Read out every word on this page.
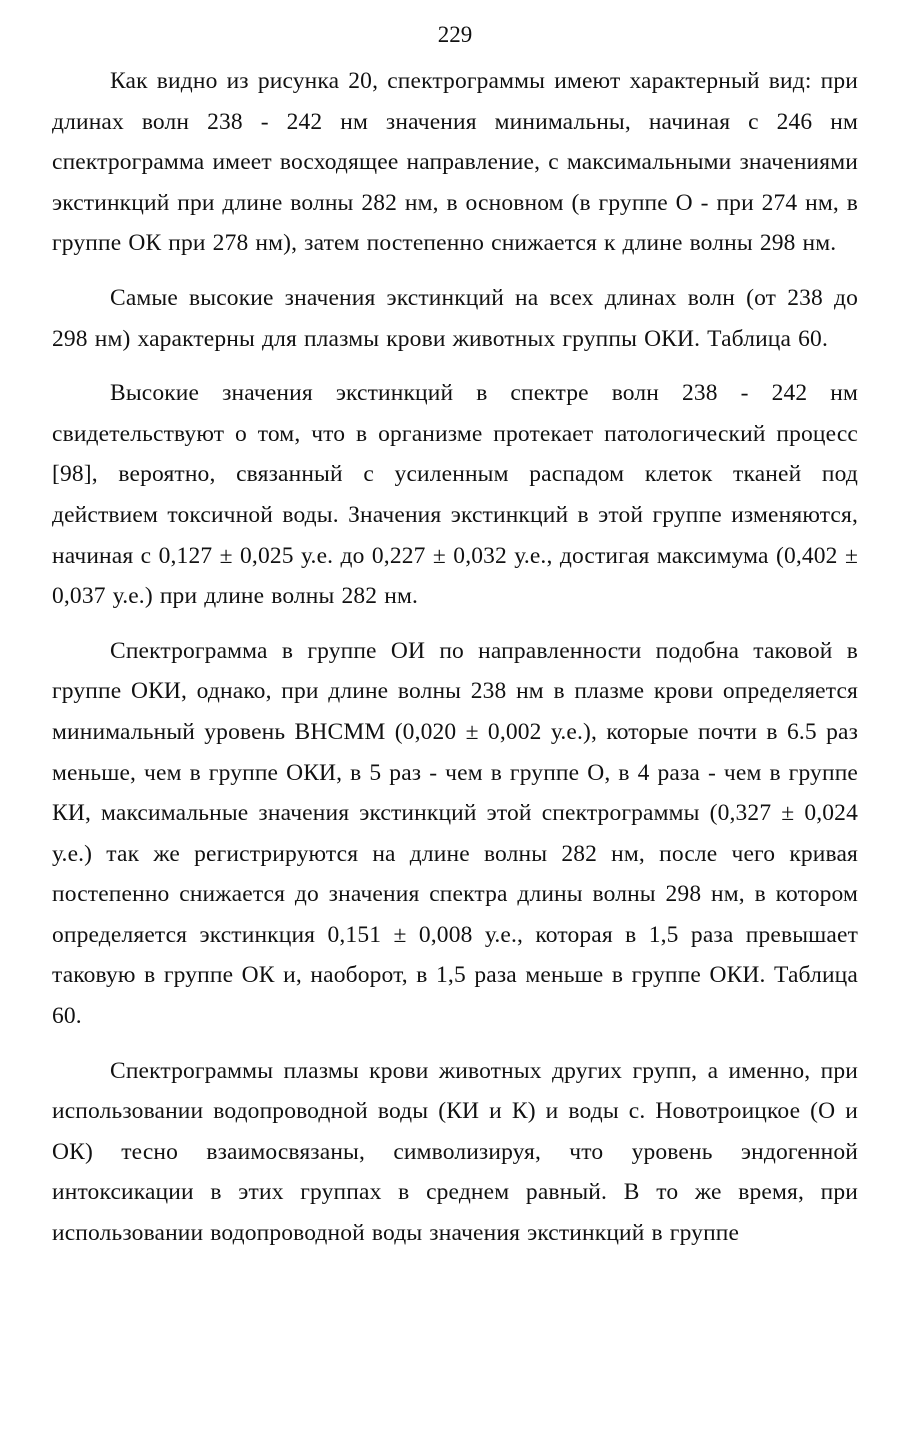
229

Как видно из рисунка 20, спектрограммы имеют характерный вид: при длинах волн 238 - 242 нм значения минимальны, начиная с 246 нм спектрограмма имеет восходящее направление, с максимальными значениями экстинкций при длине волны 282 нм, в основном (в группе О - при 274 нм, в группе ОК при 278 нм), затем постепенно снижается к длине волны 298 нм.

Самые высокие значения экстинкций на всех длинах волн (от 238 до 298 нм) характерны для плазмы крови животных группы ОКИ. Таблица 60.

Высокие значения экстинкций в спектре волн 238 - 242 нм свидетельствуют о том, что в организме протекает патологический процесс [98], вероятно, связанный с усиленным распадом клеток тканей под действием токсичной воды. Значения экстинкций в этой группе изменяются, начиная с 0,127 ± 0,025 у.е. до 0,227 ± 0,032 у.е., достигая максимума (0,402 ± 0,037 у.е.) при длине волны 282 нм.

Спектрограмма в группе ОИ по направленности подобна таковой в группе ОКИ, однако, при длине волны 238 нм в плазме крови определяется минимальный уровень ВНСММ (0,020 ± 0,002 у.е.), которые почти в 6.5 раз меньше, чем в группе ОКИ, в 5 раз - чем в группе О, в 4 раза - чем в группе КИ, максимальные значения экстинкций этой спектрограммы (0,327 ± 0,024 у.е.) так же регистрируются на длине волны 282 нм, после чего кривая постепенно снижается до значения спектра длины волны 298 нм, в котором определяется экстинкция 0,151 ± 0,008 у.е., которая в 1,5 раза превышает таковую в группе ОК и, наоборот, в 1,5 раза меньше в группе ОКИ. Таблица 60.

Спектрограммы плазмы крови животных других групп, а именно, при использовании водопроводной воды (КИ и К) и воды с. Новотроицкое (О и ОК) тесно взаимосвязаны, символизируя, что уровень эндогенной интоксикации в этих группах в среднем равный. В то же время, при использовании водопроводной воды значения экстинкций в группе
